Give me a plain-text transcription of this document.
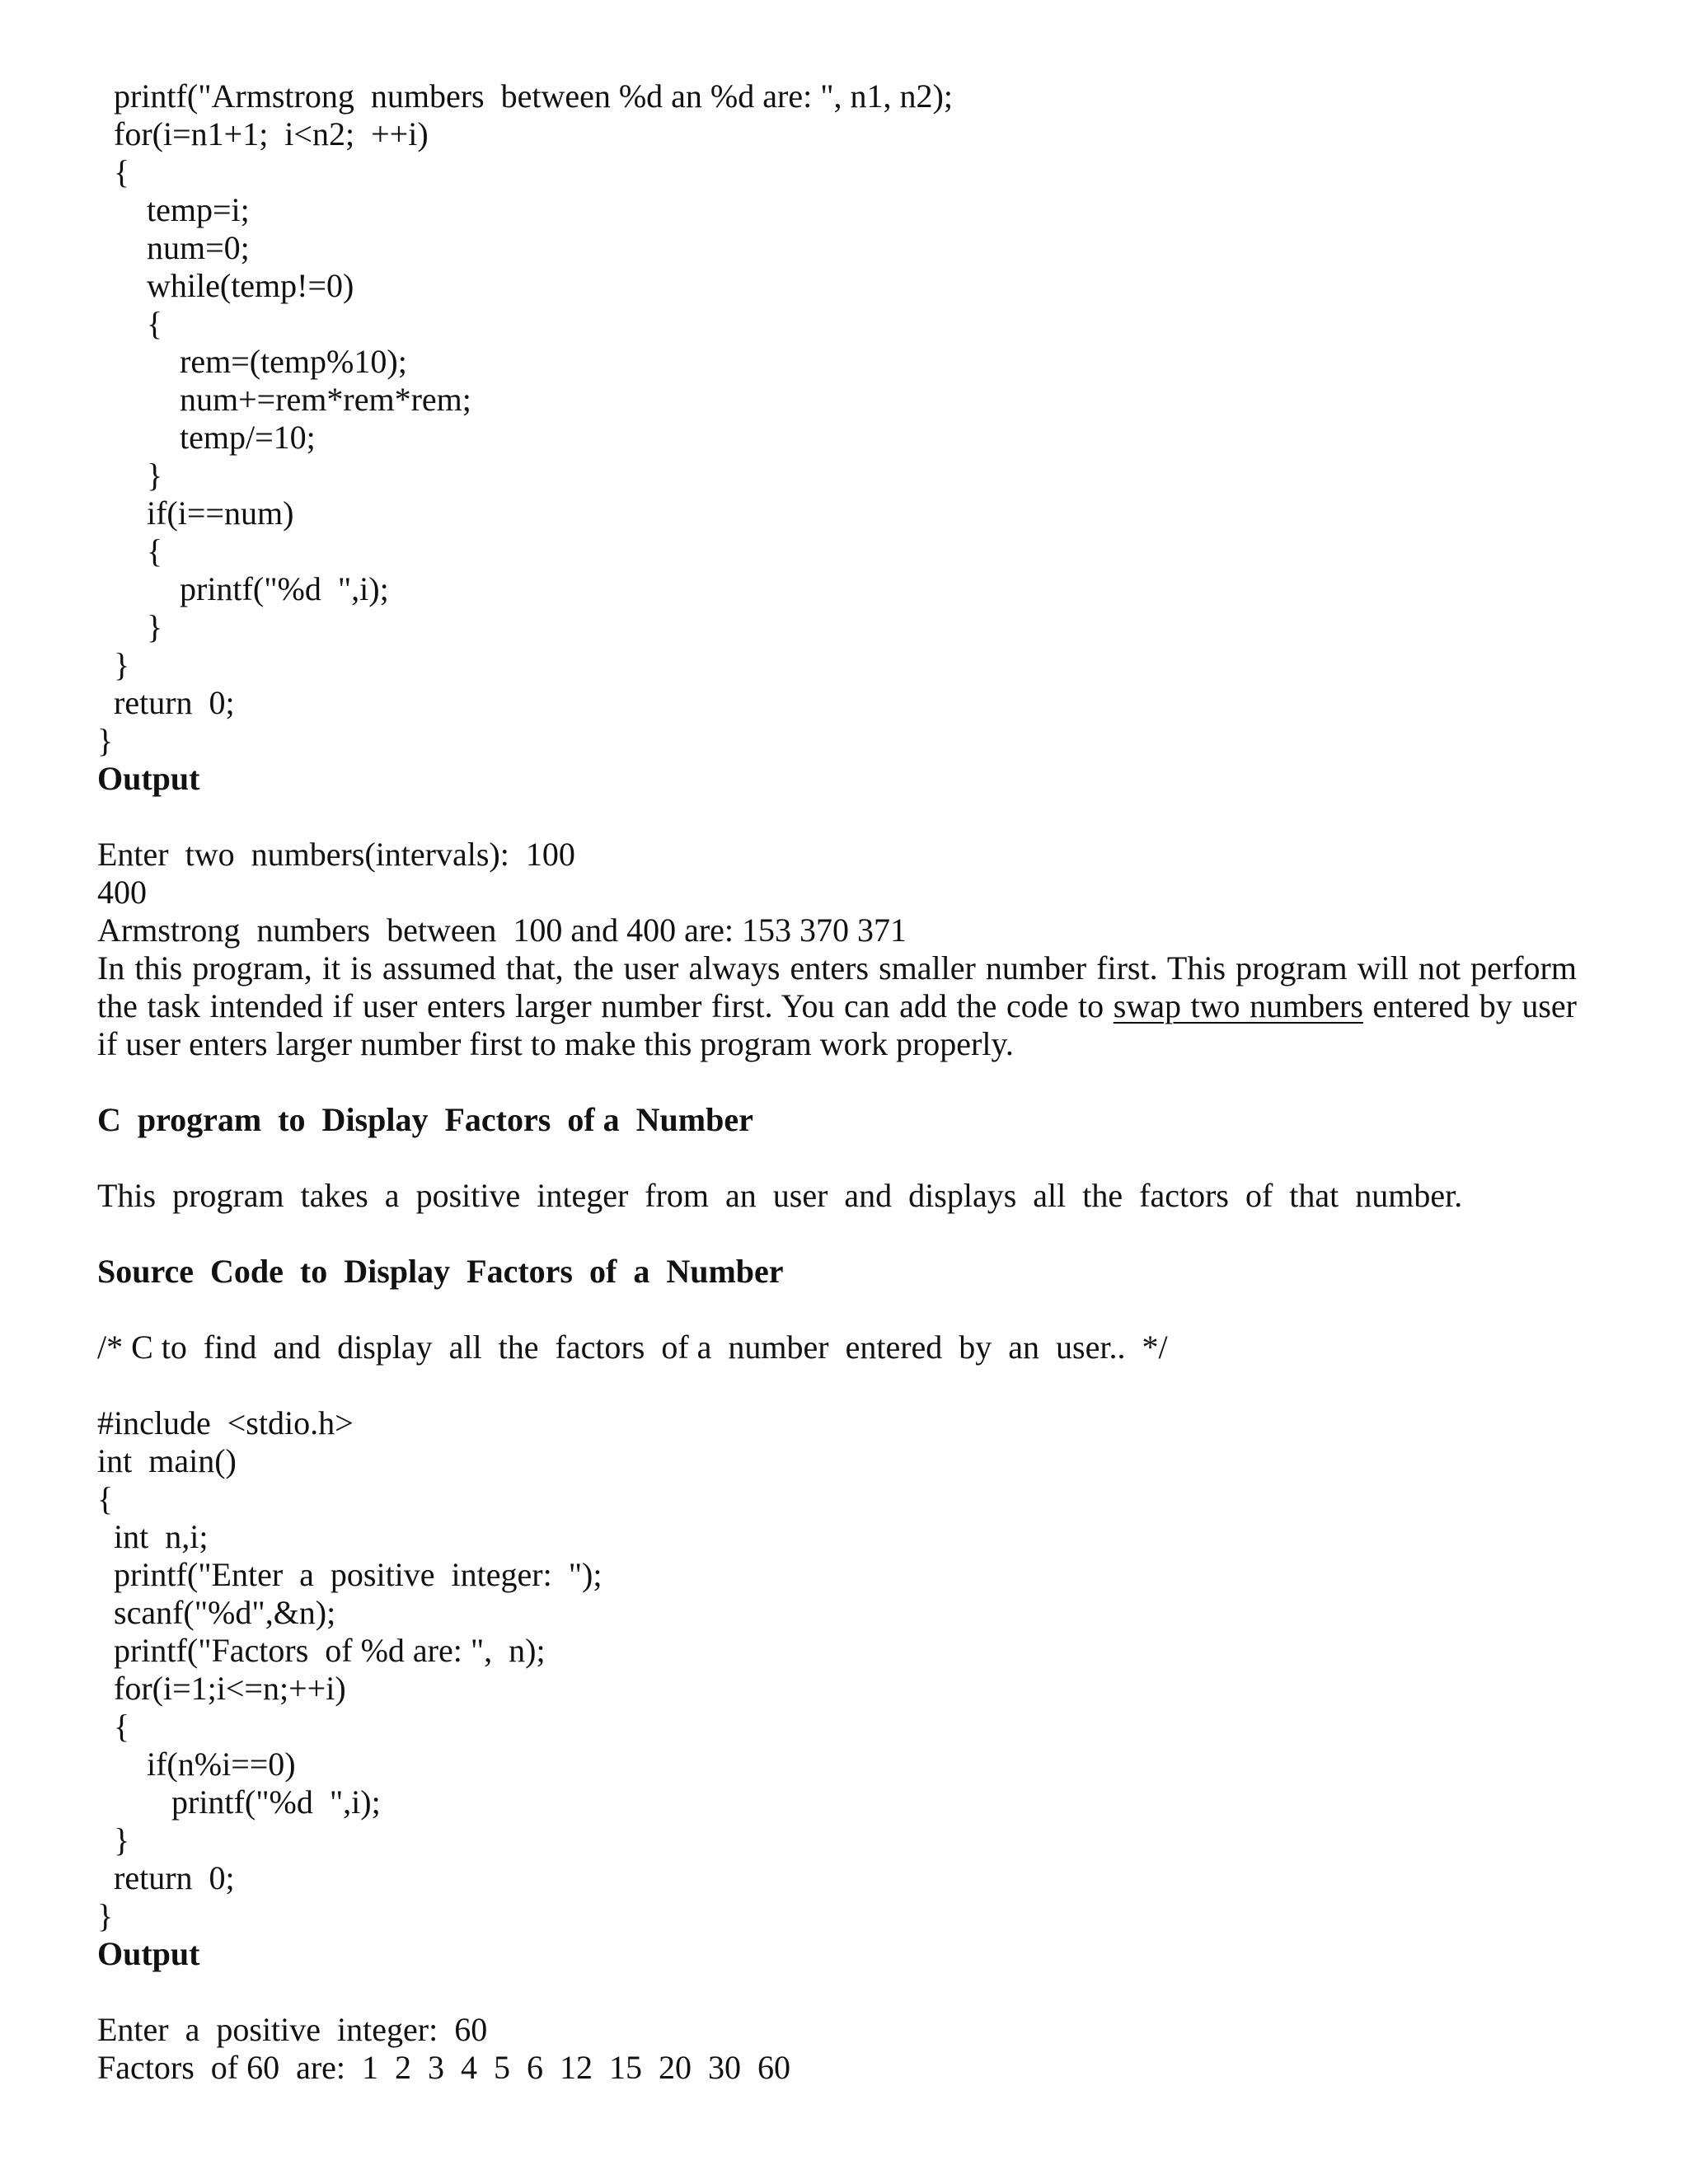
printf("Armstrong  numbers  between %d an %d are: ", n1, n2);
for(i=n1+1;  i<n2;  ++i)
{
temp=i;
num=0;
while(temp!=0)
{
rem=(temp%10);
num+=rem*rem*rem;
temp/=10;
}
if(i==num)
{
printf("%d  ",i);
}
}
return  0;
}
Output
Enter  two  numbers(intervals):  100
400
Armstrong  numbers  between  100 and 400 are: 153 370 371
In this program, it is assumed that, the user always enters smaller number first. This program will not perform
the task intended if user enters larger number first. You can add the code to swap two numbers entered by user
if user enters larger number first to make this program work properly.
C  program  to  Display  Factors  of a  Number
This  program  takes  a  positive  integer  from  an  user  and  displays  all  the  factors  of  that  number.
Source  Code  to  Display  Factors  of  a  Number
/* C to  find  and  display  all  the  factors  of a  number  entered  by  an  user..  */
#include  <stdio.h>
int  main()
{
int  n,i;
printf("Enter  a  positive  integer:  ");
scanf("%d",&n);
printf("Factors  of %d are: ",  n);
for(i=1;i<=n;++i)
{
if(n%i==0)
printf("%d  ",i);
}
return  0;
}
Output
Enter  a  positive  integer:  60
Factors  of 60  are:  1  2  3  4  5  6  12  15  20  30  60
